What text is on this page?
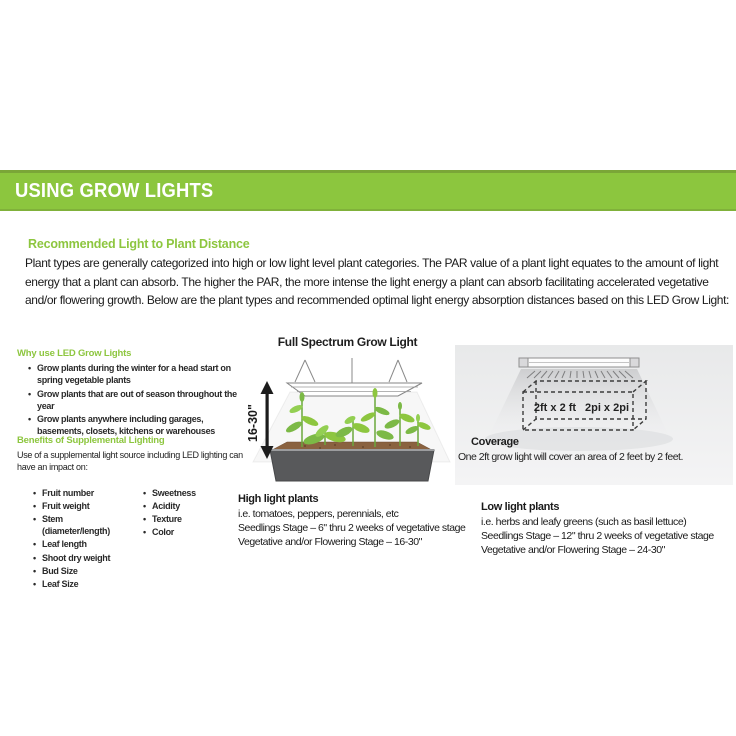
USING GROW LIGHTS
Recommended Light to Plant Distance

Plant types are generally categorized into high or low light level plant categories. The PAR value of a plant light equates to the amount of light energy that a plant can absorb. The higher the PAR, the more intense the light energy a plant can absorb facilitating accelerated vegetative and/or flowering growth. Below are the plant types and recommended optimal light energy absorption distances based on this LED Grow Light:

Why use LED Grow Lights
• Grow plants during the winter for a head start on spring vegetable plants
• Grow plants that are out of season throughout the year
• Grow plants anywhere including garages, basements, closets, kitchens or warehouses
Benefits of Supplemental Lighting

Use of a supplemental light source including LED lighting can have an impact on:

• Fruit number
• Fruit weight
• Stem (diameter/length)
• Leaf length
• Shoot dry weight
• Bud Size
• Leaf Size
• Sweetness
• Acidity
• Texture
• Color
Full Spectrum Grow Light
16-30"	2ft x 2 ft 2pi x 2pi
Coverage
One 2ft grow light will cover an area of 2 feet by 2 feet.
High light plants

i.e. tomatoes, peppers, perennials, etc

Seedlings Stage – 6" thru 2 weeks of vegetative stage

Vegetative and/or Flowering Stage – 16-30"

Low light plants

i.e. herbs and leafy greens (such as basil lettuce)

Seedlings Stage – 12" thru 2 weeks of vegetative stage

Vegetative and/or Flowering Stage – 24-30"
